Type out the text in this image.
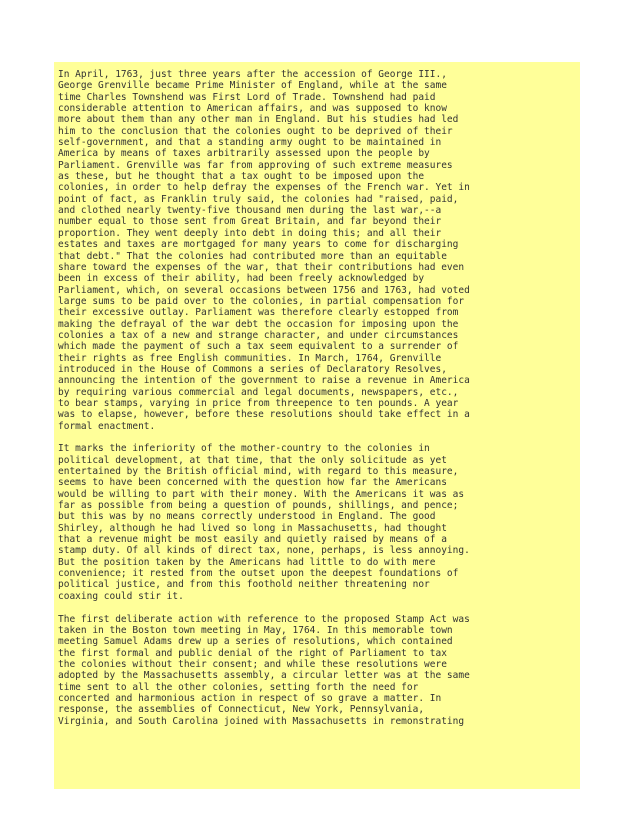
In April, 1763, just three years after the accession of George III.,
George Grenville became Prime Minister of England, while at the same
time Charles Townshend was First Lord of Trade. Townshend had paid
considerable attention to American affairs, and was supposed to know
more about them than any other man in England. But his studies had led
him to the conclusion that the colonies ought to be deprived of their
self-government, and that a standing army ought to be maintained in
America by means of taxes arbitrarily assessed upon the people by
Parliament. Grenville was far from approving of such extreme measures
as these, but he thought that a tax ought to be imposed upon the
colonies, in order to help defray the expenses of the French war. Yet in
point of fact, as Franklin truly said, the colonies had "raised, paid,
and clothed nearly twenty-five thousand men during the last war,--a
number equal to those sent from Great Britain, and far beyond their
proportion. They went deeply into debt in doing this; and all their
estates and taxes are mortgaged for many years to come for discharging
that debt." That the colonies had contributed more than an equitable
share toward the expenses of the war, that their contributions had even
been in excess of their ability, had been freely acknowledged by
Parliament, which, on several occasions between 1756 and 1763, had voted
large sums to be paid over to the colonies, in partial compensation for
their excessive outlay. Parliament was therefore clearly estopped from
making the defrayal of the war debt the occasion for imposing upon the
colonies a tax of a new and strange character, and under circumstances
which made the payment of such a tax seem equivalent to a surrender of
their rights as free English communities. In March, 1764, Grenville
introduced in the House of Commons a series of Declaratory Resolves,
announcing the intention of the government to raise a revenue in America
by requiring various commercial and legal documents, newspapers, etc.,
to bear stamps, varying in price from threepence to ten pounds. A year
was to elapse, however, before these resolutions should take effect in a
formal enactment.
It marks the inferiority of the mother-country to the colonies in
political development, at that time, that the only solicitude as yet
entertained by the British official mind, with regard to this measure,
seems to have been concerned with the question how far the Americans
would be willing to part with their money. With the Americans it was as
far as possible from being a question of pounds, shillings, and pence;
but this was by no means correctly understood in England. The good
Shirley, although he had lived so long in Massachusetts, had thought
that a revenue might be most easily and quietly raised by means of a
stamp duty. Of all kinds of direct tax, none, perhaps, is less annoying.
But the position taken by the Americans had little to do with mere
convenience; it rested from the outset upon the deepest foundations of
political justice, and from this foothold neither threatening nor
coaxing could stir it.
The first deliberate action with reference to the proposed Stamp Act was
taken in the Boston town meeting in May, 1764. In this memorable town
meeting Samuel Adams drew up a series of resolutions, which contained
the first formal and public denial of the right of Parliament to tax
the colonies without their consent; and while these resolutions were
adopted by the Massachusetts assembly, a circular letter was at the same
time sent to all the other colonies, setting forth the need for
concerted and harmonious action in respect of so grave a matter. In
response, the assemblies of Connecticut, New York, Pennsylvania,
Virginia, and South Carolina joined with Massachusetts in remonstrating
